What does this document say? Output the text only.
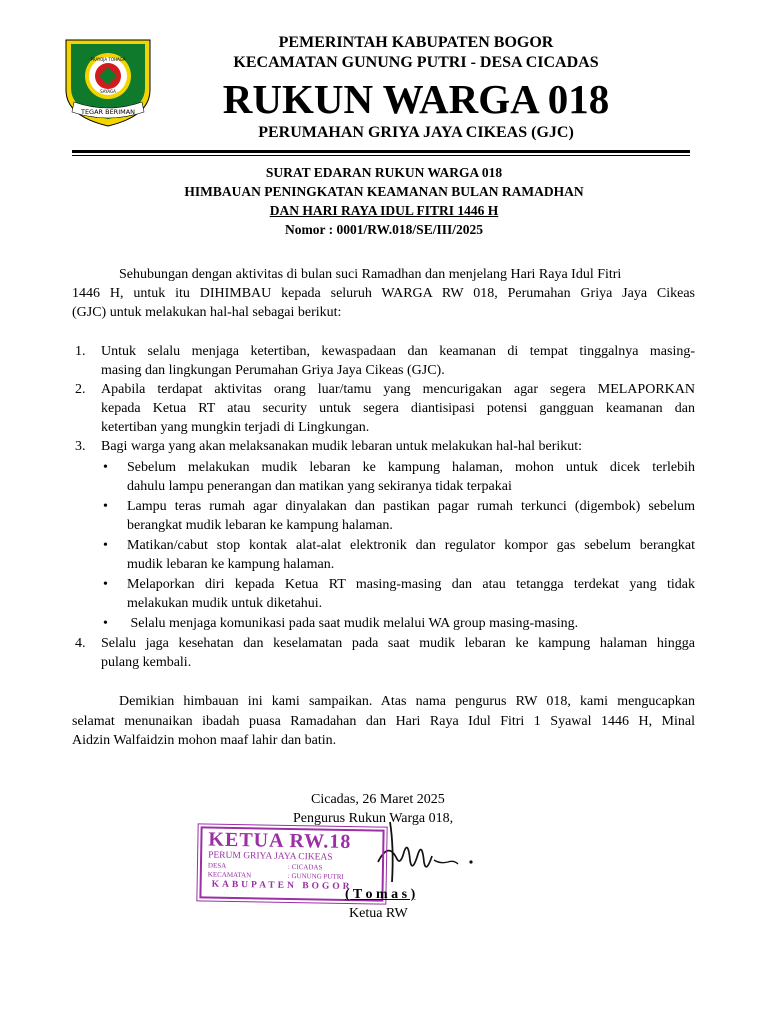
PRAYOJA TOHAGA
SAYAGA
TEGAR BERIMAN
PEMERINTAH KABUPATEN BOGOR
KECAMATAN GUNUNG PUTRI - DESA CICADAS
RUKUN WARGA 018
PERUMAHAN GRIYA JAYA CIKEAS (GJC)
SURAT EDARAN RUKUN WARGA 018
HIMBAUAN PENINGKATAN KEAMANAN BULAN RAMADHAN
DAN HARI RAYA IDUL FITRI 1446 H
Nomor : 0001/RW.018/SE/III/2025
Sehubungan dengan aktivitas di bulan suci Ramadhan dan menjelang Hari Raya Idul Fitri
1446 H, untuk itu DIHIMBAU kepada seluruh WARGA RW 018, Perumahan Griya Jaya Cikeas
(GJC) untuk melakukan hal-hal sebagai berikut:
1.	Untuk selalu menjaga ketertiban, kewaspadaan dan keamanan di tempat tinggalnya masing-
masing dan lingkungan Perumahan Griya Jaya Cikeas (GJC).
2.	Apabila terdapat aktivitas orang luar/tamu yang mencurigakan agar segera MELAPORKAN
kepada Ketua RT atau security untuk segera diantisipasi potensi gangguan keamanan dan
ketertiban yang mungkin terjadi di Lingkungan.
3.	Bagi warga yang akan melaksanakan mudik lebaran untuk melakukan hal-hal berikut:
• Sebelum melakukan mudik lebaran ke kampung halaman, mohon untuk dicek terlebih
dahulu lampu penerangan dan matikan yang sekiranya tidak terpakai
• Lampu teras rumah agar dinyalakan dan pastikan pagar rumah terkunci (digembok) sebelum
berangkat mudik lebaran ke kampung halaman.
• Matikan/cabut stop kontak alat-alat elektronik dan regulator kompor gas sebelum berangkat
mudik lebaran ke kampung halaman.
• Melaporkan diri kepada Ketua RT masing-masing dan atau tetangga terdekat yang tidak
melakukan mudik untuk diketahui.
• Selalu menjaga komunikasi pada saat mudik melalui WA group masing-masing.
4.	Selalu jaga kesehatan dan keselamatan pada saat mudik lebaran ke kampung halaman hingga
pulang kembali.
Demikian himbauan ini kami sampaikan. Atas nama pengurus RW 018, kami mengucapkan
selamat menunaikan ibadah puasa Ramadahan dan Hari Raya Idul Fitri 1 Syawal 1446 H, Minal
Aidzin Walfaidzin mohon maaf lahir dan batin.
Cicadas, 26 Maret 2025
Pengurus Rukun Warga 018,
KETUA RW.18
PERUM GRIYA JAYA CIKEAS
DESA	: CICADAS
KECAMATAN	: GUNUNG PUTRI
KABUPATEN BOGOR
( T o m a s )
Ketua RW
